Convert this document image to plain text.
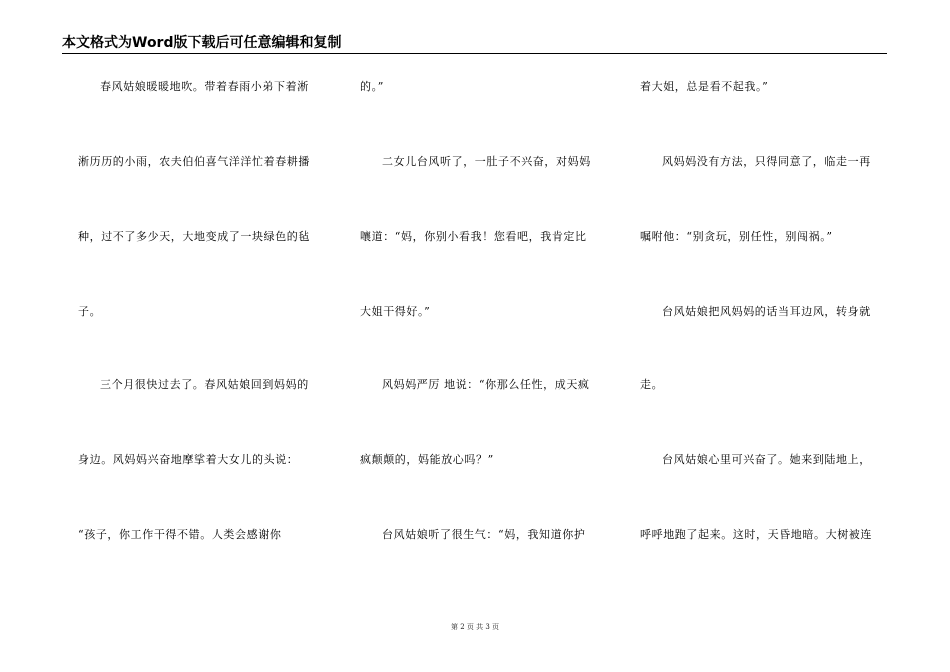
本文格式为Word版下载后可任意编辑和复制
春风姑娘暖暖地吹。带着春雨小弟下着淅
淅历历的小雨，农夫伯伯喜气洋洋忙着春耕播
种，过不了多少天，大地变成了一块绿色的毡
子。
三个月很快过去了。春风姑娘回到妈妈的
身边。风妈妈兴奋地摩挲着大女儿的头说：
“孩子，你工作干得不错。人类会感谢你
的。”
二女儿台风听了，一肚子不兴奋，对妈妈
嚷道：“妈，你别小看我！您看吧，我肯定比
大姐干得好。”
风妈妈严厉 地说：“你那么任性，成天疯
疯颠颠的，妈能放心吗？”
台风姑娘听了很生气：“妈，我知道你护
着大姐，总是看不起我。”
风妈妈没有方法，只得同意了，临走一再
嘱咐他：“别贪玩，别任性，别闯祸。”
台风姑娘把风妈妈的话当耳边风，转身就
走。
台风姑娘心里可兴奋了。她来到陆地上，
呼呼地跑了起来。这时，天昏地暗。大树被连
第 2 页 共 3 页
